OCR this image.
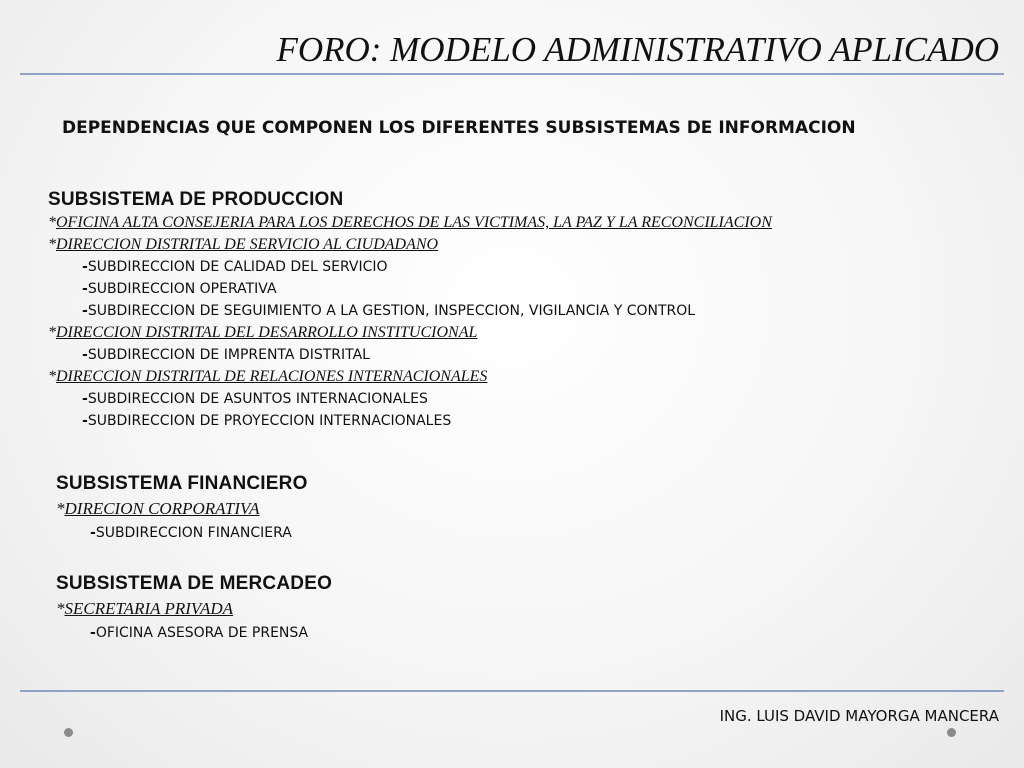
FORO: MODELO ADMINISTRATIVO APLICADO
DEPENDENCIAS QUE COMPONEN LOS DIFERENTES SUBSISTEMAS DE INFORMACION
SUBSISTEMA DE PRODUCCION
*OFICINA ALTA CONSEJERIA PARA LOS DERECHOS DE LAS VICTIMAS, LA PAZ Y LA RECONCILIACION
*DIRECCION DISTRITAL DE SERVICIO AL CIUDADANO
-SUBDIRECCION DE CALIDAD DEL SERVICIO
-SUBDIRECCION OPERATIVA
-SUBDIRECCION DE SEGUIMIENTO A LA GESTION, INSPECCION, VIGILANCIA Y CONTROL
*DIRECCION DISTRITAL DEL DESARROLLO INSTITUCIONAL
-SUBDIRECCION DE IMPRENTA DISTRITAL
*DIRECCION DISTRITAL DE RELACIONES INTERNACIONALES
-SUBDIRECCION DE ASUNTOS INTERNACIONALES
-SUBDIRECCION DE PROYECCION INTERNACIONALES
SUBSISTEMA FINANCIERO
*DIRECION CORPORATIVA
-SUBDIRECCION FINANCIERA
SUBSISTEMA DE MERCADEO
*SECRETARIA PRIVADA
-OFICINA ASESORA DE PRENSA
ING. LUIS DAVID MAYORGA MANCERA
